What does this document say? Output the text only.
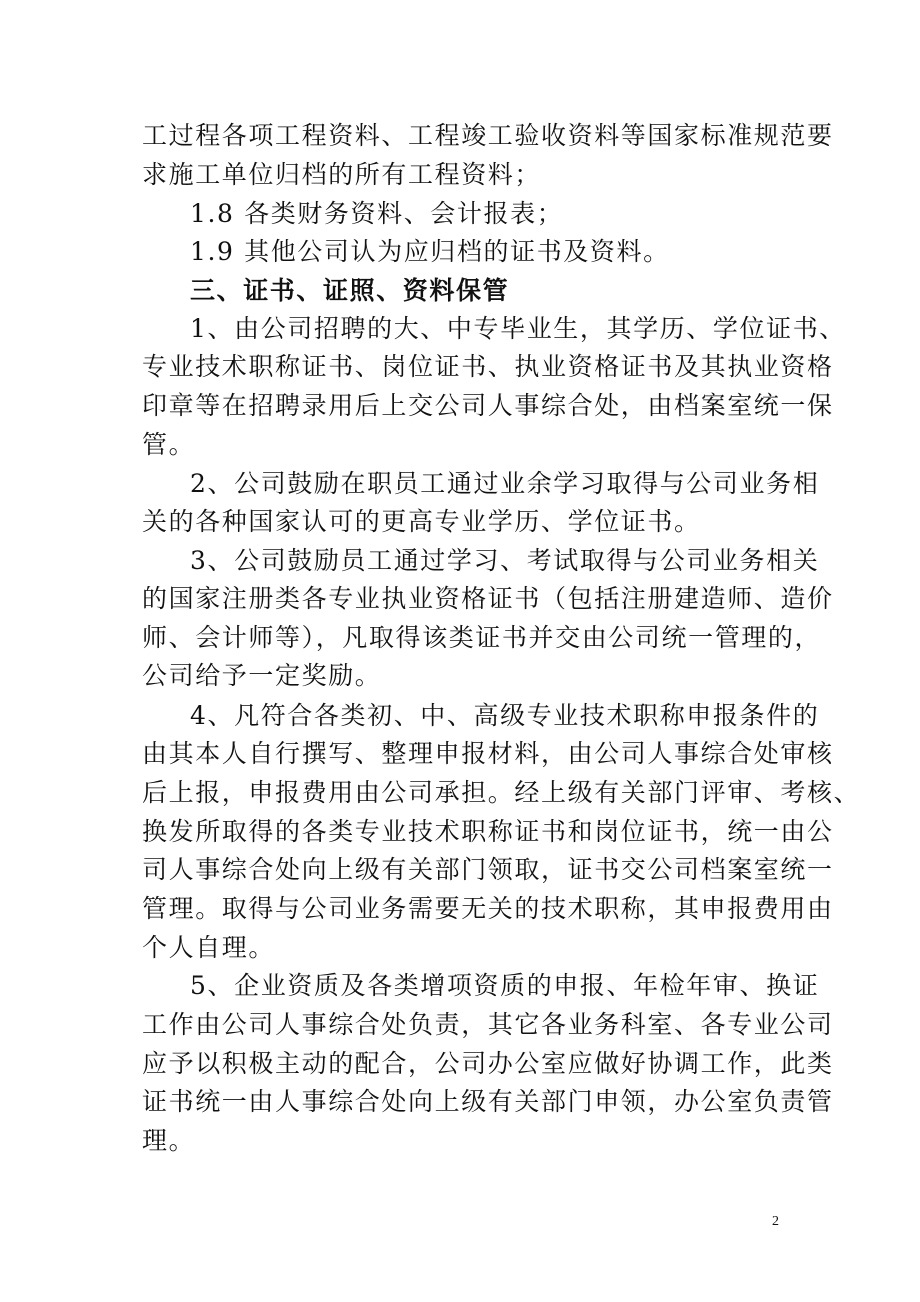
工过程各项工程资料、工程竣工验收资料等国家标准规范要
求施工单位归档的所有工程资料；
1.8 各类财务资料、会计报表；
1.9 其他公司认为应归档的证书及资料。
三、证书、证照、资料保管
1、由公司招聘的大、中专毕业生，其学历、学位证书、
专业技术职称证书、岗位证书、执业资格证书及其执业资格
印章等在招聘录用后上交公司人事综合处，由档案室统一保
管。
2、公司鼓励在职员工通过业余学习取得与公司业务相
关的各种国家认可的更高专业学历、学位证书。
3、公司鼓励员工通过学习、考试取得与公司业务相关
的国家注册类各专业执业资格证书（包括注册建造师、造价
师、会计师等），凡取得该类证书并交由公司统一管理的，
公司给予一定奖励。
4、凡符合各类初、中、高级专业技术职称申报条件的
由其本人自行撰写、整理申报材料，由公司人事综合处审核
后上报，申报费用由公司承担。经上级有关部门评审、考核、
换发所取得的各类专业技术职称证书和岗位证书，统一由公
司人事综合处向上级有关部门领取，证书交公司档案室统一
管理。取得与公司业务需要无关的技术职称，其申报费用由
个人自理。
5、企业资质及各类增项资质的申报、年检年审、换证
工作由公司人事综合处负责，其它各业务科室、各专业公司
应予以积极主动的配合，公司办公室应做好协调工作，此类
证书统一由人事综合处向上级有关部门申领，办公室负责管
理。
2
